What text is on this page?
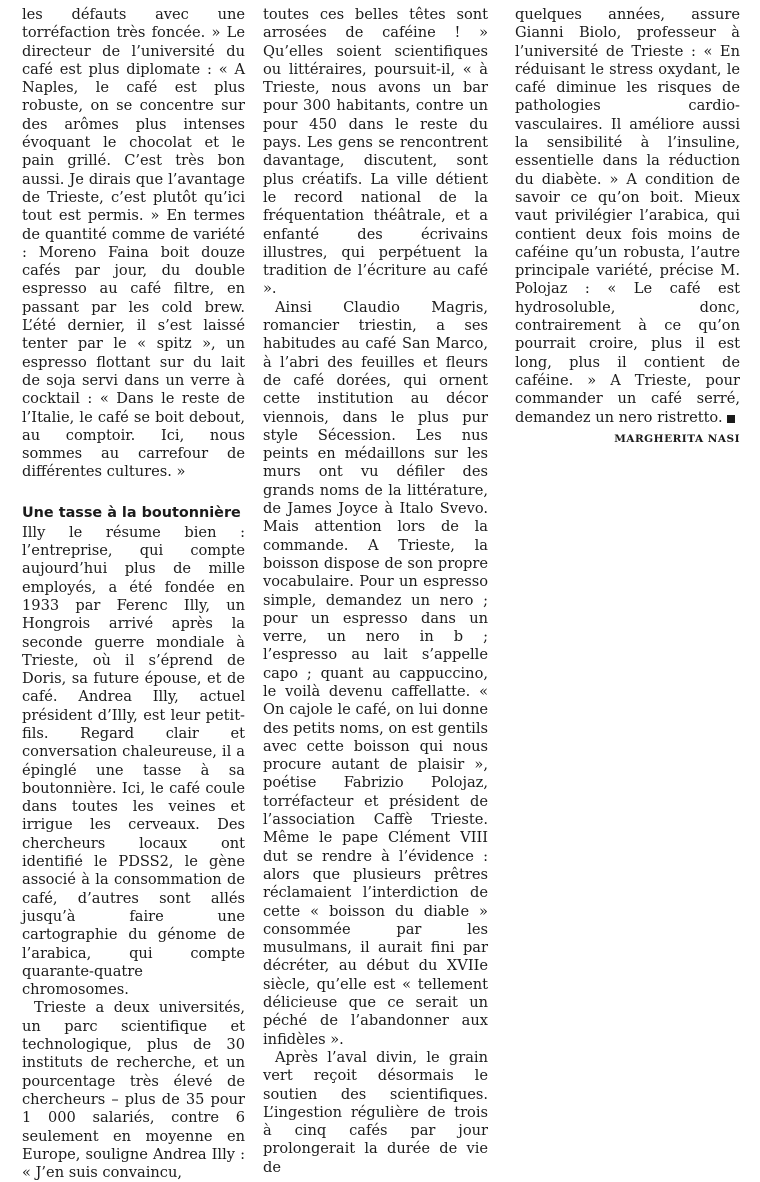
les défauts avec une torréfaction très foncée. » Le directeur de l’université du café est plus diplomate : « A Naples, le café est plus robuste, on se concentre sur des arômes plus intenses évoquant le chocolat et le pain grillé. C’est très bon aussi. Je dirais que l’avantage de Trieste, c’est plutôt qu’ici tout est permis. » En termes de quantité comme de variété : Moreno Faina boit douze cafés par jour, du double espresso au café filtre, en passant par les cold brew. L’été dernier, il s’est laissé tenter par le « spitz », un espresso flottant sur du lait de soja servi dans un verre à cocktail : « Dans le reste de l’Italie, le café se boit debout, au comptoir. Ici, nous sommes au carrefour de différentes cultures. »

Une tasse à la boutonnière

Illy le résume bien : l’entreprise, qui compte aujourd’hui plus de mille employés, a été fondée en 1933 par Ferenc Illy, un Hongrois arrivé après la seconde guerre mondiale à Trieste, où il s’éprend de Doris, sa future épouse, et de café. Andrea Illy, actuel président d’Illy, est leur petit-fils. Regard clair et conversation chaleureuse, il a épinglé une tasse à sa boutonnière. Ici, le café coule dans toutes les veines et irrigue les cerveaux. Des chercheurs locaux ont identifié le PDSS2, le gène associé à la consommation de café, d’autres sont allés jusqu’à faire une cartographie du génome de l’arabica, qui compte quarante-quatre chromosomes.

Trieste a deux universités, un parc scientifique et technologique, plus de 30 instituts de recherche, et un pourcentage très élevé de chercheurs – plus de 35 pour 1 000 salariés, contre 6 seulement en moyenne en Europe, souligne Andrea Illy : « J’en suis convaincu,

toutes ces belles têtes sont arrosées de caféine ! » Qu’elles soient scientifiques ou littéraires, poursuit-il, « à Trieste, nous avons un bar pour 300 habitants, contre un pour 450 dans le reste du pays. Les gens se rencontrent davantage, discutent, sont plus créatifs. La ville détient le record national de la fréquentation théâtrale, et a enfanté des écrivains illustres, qui perpétuent la tradition de l’écriture au café ».

Ainsi Claudio Magris, romancier triestin, a ses habitudes au café San Marco, à l’abri des feuilles et fleurs de café dorées, qui ornent cette institution au décor viennois, dans le plus pur style Sécession. Les nus peints en médaillons sur les murs ont vu défiler des grands noms de la littérature, de James Joyce à Italo Svevo. Mais attention lors de la commande. A Trieste, la boisson dispose de son propre vocabulaire. Pour un espresso simple, demandez un nero ; pour un espresso dans un verre, un nero in b ; l’espresso au lait s’appelle capo ; quant au cappuccino, le voilà devenu caffellatte. « On cajole le café, on lui donne des petits noms, on est gentils avec cette boisson qui nous procure autant de plaisir », poétise Fabrizio Polojaz, torréfacteur et président de l’association Caffè Trieste. Même le pape Clément VIII dut se rendre à l’évidence : alors que plusieurs prêtres réclamaient l’interdiction de cette « boisson du diable » consommée par les musulmans, il aurait fini par décréter, au début du XVIIe siècle, qu’elle est « tellement délicieuse que ce serait un péché de l’abandonner aux infidèles ».

Après l’aval divin, le grain vert reçoit désormais le soutien des scientifiques. L’ingestion régulière de trois à cinq cafés par jour prolongerait la durée de vie de

quelques années, assure Gianni Biolo, professeur à l’université de Trieste : « En réduisant le stress oxydant, le café diminue les risques de pathologies cardio-vasculaires. Il améliore aussi la sensibilité à l’insuline, essentielle dans la réduction du diabète. » A condition de savoir ce qu’on boit. Mieux vaut privilégier l’arabica, qui contient deux fois moins de caféine qu’un robusta, l’autre principale variété, précise M. Polojaz : « Le café est hydrosoluble, donc, contrairement à ce qu’on pourrait croire, plus il est long, plus il contient de caféine. » A Trieste, pour commander un café serré, demandez un nero ristretto.

MARGHERITA NASI
